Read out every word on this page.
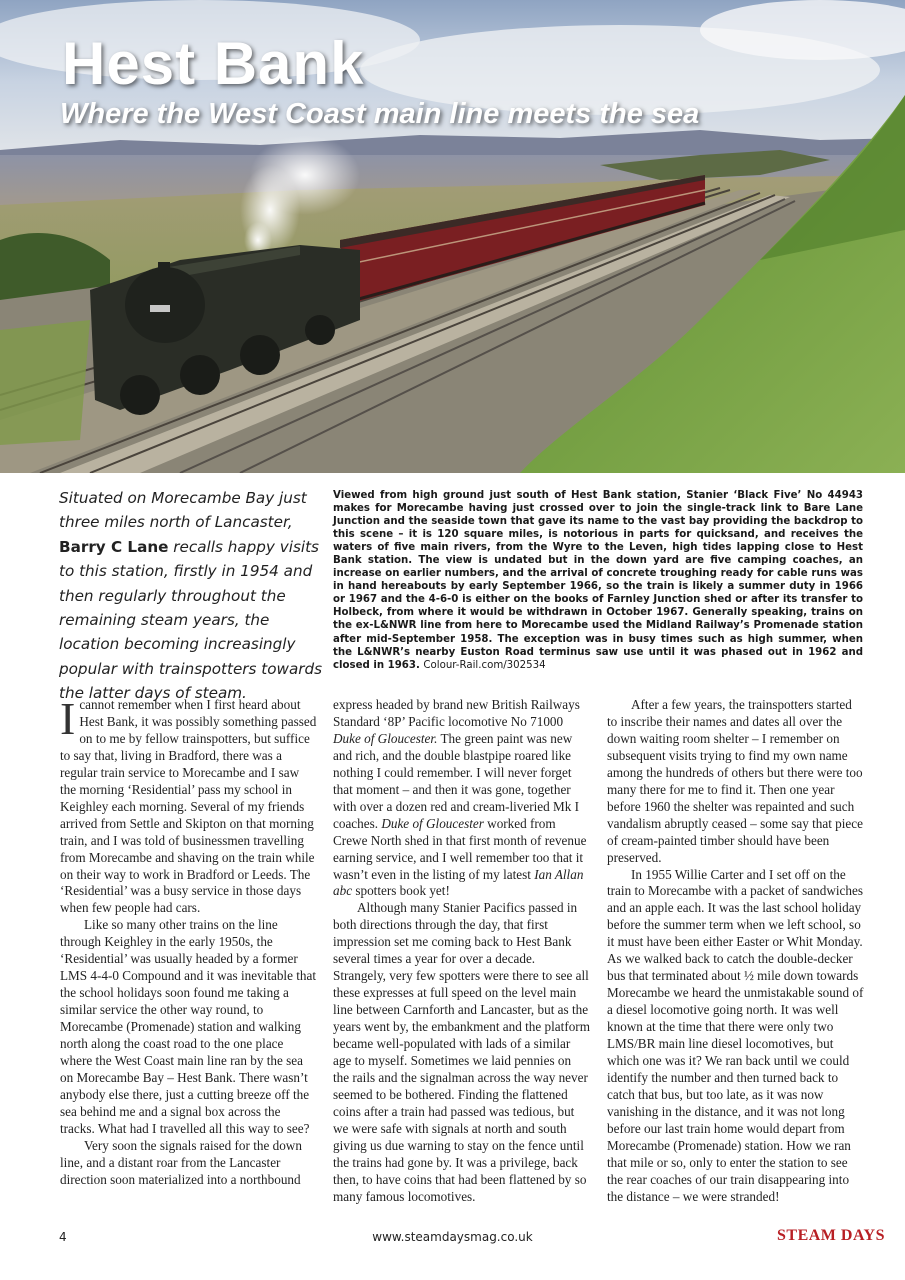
Hest Bank
Where the West Coast main line meets the sea

Situated on Morecambe Bay just three miles north of Lancaster,
Barry C Lane recalls happy visits to this station, firstly in 1954 and then regularly throughout the remaining steam years, the location becoming increasingly popular with trainspotters towards the latter days of steam.

Viewed from high ground just south of Hest Bank station, Stanier ‘Black Five’ No 44943 makes for Morecambe having just crossed over to join the single-track link to Bare Lane Junction and the seaside town that gave its name to the vast bay providing the backdrop to this scene – it is 120 square miles, is notorious in parts for quicksand, and receives the waters of five main rivers, from the Wyre to the Leven, high tides lapping close to Hest Bank station. The view is undated but in the down yard are five camping coaches, an increase on earlier numbers, and the arrival of concrete troughing ready for cable runs was in hand hereabouts by early September 1966, so the train is likely a summer duty in 1966 or 1967 and the 4-6-0 is either on the books of Farnley Junction shed or after its transfer to Holbeck, from where it would be withdrawn in October 1967. Generally speaking, trains on the ex-L&NWR line from here to Morecambe used the Midland Railway’s Promenade station after mid-September 1958. The exception was in busy times such as high summer, when the L&NWR’s nearby Euston Road terminus saw use until it was phased out in 1962 and closed in 1963. Colour-Rail.com/302534

Icannot remember when I first heard about Hest Bank, it was possibly something passed on to me by fellow trainspotters, but suffice to say that, living in Bradford, there was a regular train service to Morecambe and I saw the morning ‘Residential’ pass my school in Keighley each morning. Several of my friends arrived from Settle and Skipton on that morning train, and I was told of businessmen travelling from Morecambe and shaving on the train while on their way to work in Bradford or Leeds. The ‘Residential’ was a busy service in those days when few people had cars.

Like so many other trains on the line through Keighley in the early 1950s, the ‘Residential’ was usually headed by a former LMS 4-4-0 Compound and it was inevitable that the school holidays soon found me taking a similar service the other way round, to Morecambe (Promenade) station and walking north along the coast road to the one place where the West Coast main line ran by the sea on Morecambe Bay – Hest Bank. There wasn’t anybody else there, just a cutting breeze off the sea behind me and a signal box across the tracks. What had I travelled all this way to see?

Very soon the signals raised for the down line, and a distant roar from the Lancaster direction soon materialized into a northbound

express headed by brand new British Railways Standard ‘8P’ Pacific locomotive No 71000 Duke of Gloucester. The green paint was new and rich, and the double blastpipe roared like nothing I could remember. I will never forget that moment – and then it was gone, together with over a dozen red and cream-liveried Mk I coaches. Duke of Gloucester worked from Crewe North shed in that first month of revenue earning service, and I well remember too that it wasn’t even in the listing of my latest Ian Allan abc spotters book yet!

Although many Stanier Pacifics passed in both directions through the day, that first impression set me coming back to Hest Bank several times a year for over a decade. Strangely, very few spotters were there to see all these expresses at full speed on the level main line between Carnforth and Lancaster, but as the years went by, the embankment and the platform became well-populated with lads of a similar age to myself. Sometimes we laid pennies on the rails and the signalman across the way never seemed to be bothered. Finding the flattened coins after a train had passed was tedious, but we were safe with signals at north and south giving us due warning to stay on the fence until the trains had gone by. It was a privilege, back then, to have coins that had been flattened by so many famous locomotives.

After a few years, the trainspotters started to inscribe their names and dates all over the down waiting room shelter – I remember on subsequent visits trying to find my own name among the hundreds of others but there were too many there for me to find it. Then one year before 1960 the shelter was repainted and such vandalism abruptly ceased – some say that piece of cream-painted timber should have been preserved.

In 1955 Willie Carter and I set off on the train to Morecambe with a packet of sandwiches and an apple each. It was the last school holiday before the summer term when we left school, so it must have been either Easter or Whit Monday. As we walked back to catch the double-decker bus that terminated about ½ mile down towards Morecambe we heard the unmistakable sound of a diesel locomotive going north. It was well known at the time that there were only two LMS/BR main line diesel locomotives, but which one was it? We ran back until we could identify the number and then turned back to catch that bus, but too late, as it was now vanishing in the distance, and it was not long before our last train home would depart from Morecambe (Promenade) station. How we ran that mile or so, only to enter the station to see the rear coaches of our train disappearing into the distance – we were stranded!

4	www.steamdaysmag.co.uk	STEAM DAYS
